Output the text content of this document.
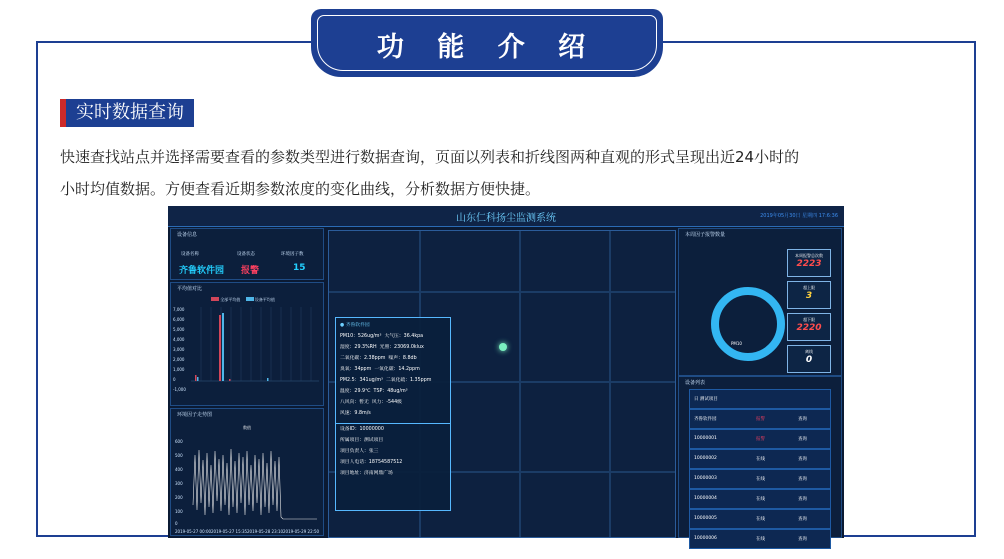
功 能 介 绍
实时数据查询
快速查找站点并选择需要查看的参数类型进行数据查询，页面以列表和折线图两种直观的形式呈现出近24小时的
小时均值数据。方便查看近期参数浓度的变化曲线，分析数据方便快捷。
山东仁科扬尘监测系统	2019年05月30日 星期四 17:6:36
设备信息
设备名称	设备状态	环境因子数
齐鲁软件园 报警	15
平均值对比
全部平均值	设备平均值
7,000
6,000
5,000
4,000
3,000
2,000
1,000
0
-1,000
环境因子走势图
数值
600
500
400
300
200
100
0
2019-05-27 00:00 2019-05-27 15:35 2019-05-28 23:10 2019-05-29 22:50
● 齐鲁软件园
PM10：526ug/m³ 大气压：36.4kpa
湿度：29.3%RH 光照：23069.0klux
二氧化碳：2.38ppm 噪声：8.8db
臭氧：34ppm 一氧化碳：14.2ppm
PM2.5：341ug/m³ 二氧化硫：1.35ppm
温度：29.9℃ TSP：48ug/m³
八风向：暂无 风力：-544级
风速：9.8m/s
设备ID：10000000
所属项目：测试项目
项目负责人：张三
项目人电话：18754587512
项目地址：济南网鼎广场
本周因子报警数量
PM10
本周报警总次数
2223
超上限
3
超下限
2220
离线
0
设备列表
日 测试项目
齐鲁软件园	报警	查询
10000001	报警	查询
10000002	在线	查询
10000003	在线	查询
10000004	在线	查询
10000005	在线	查询
10000006	在线	查询
